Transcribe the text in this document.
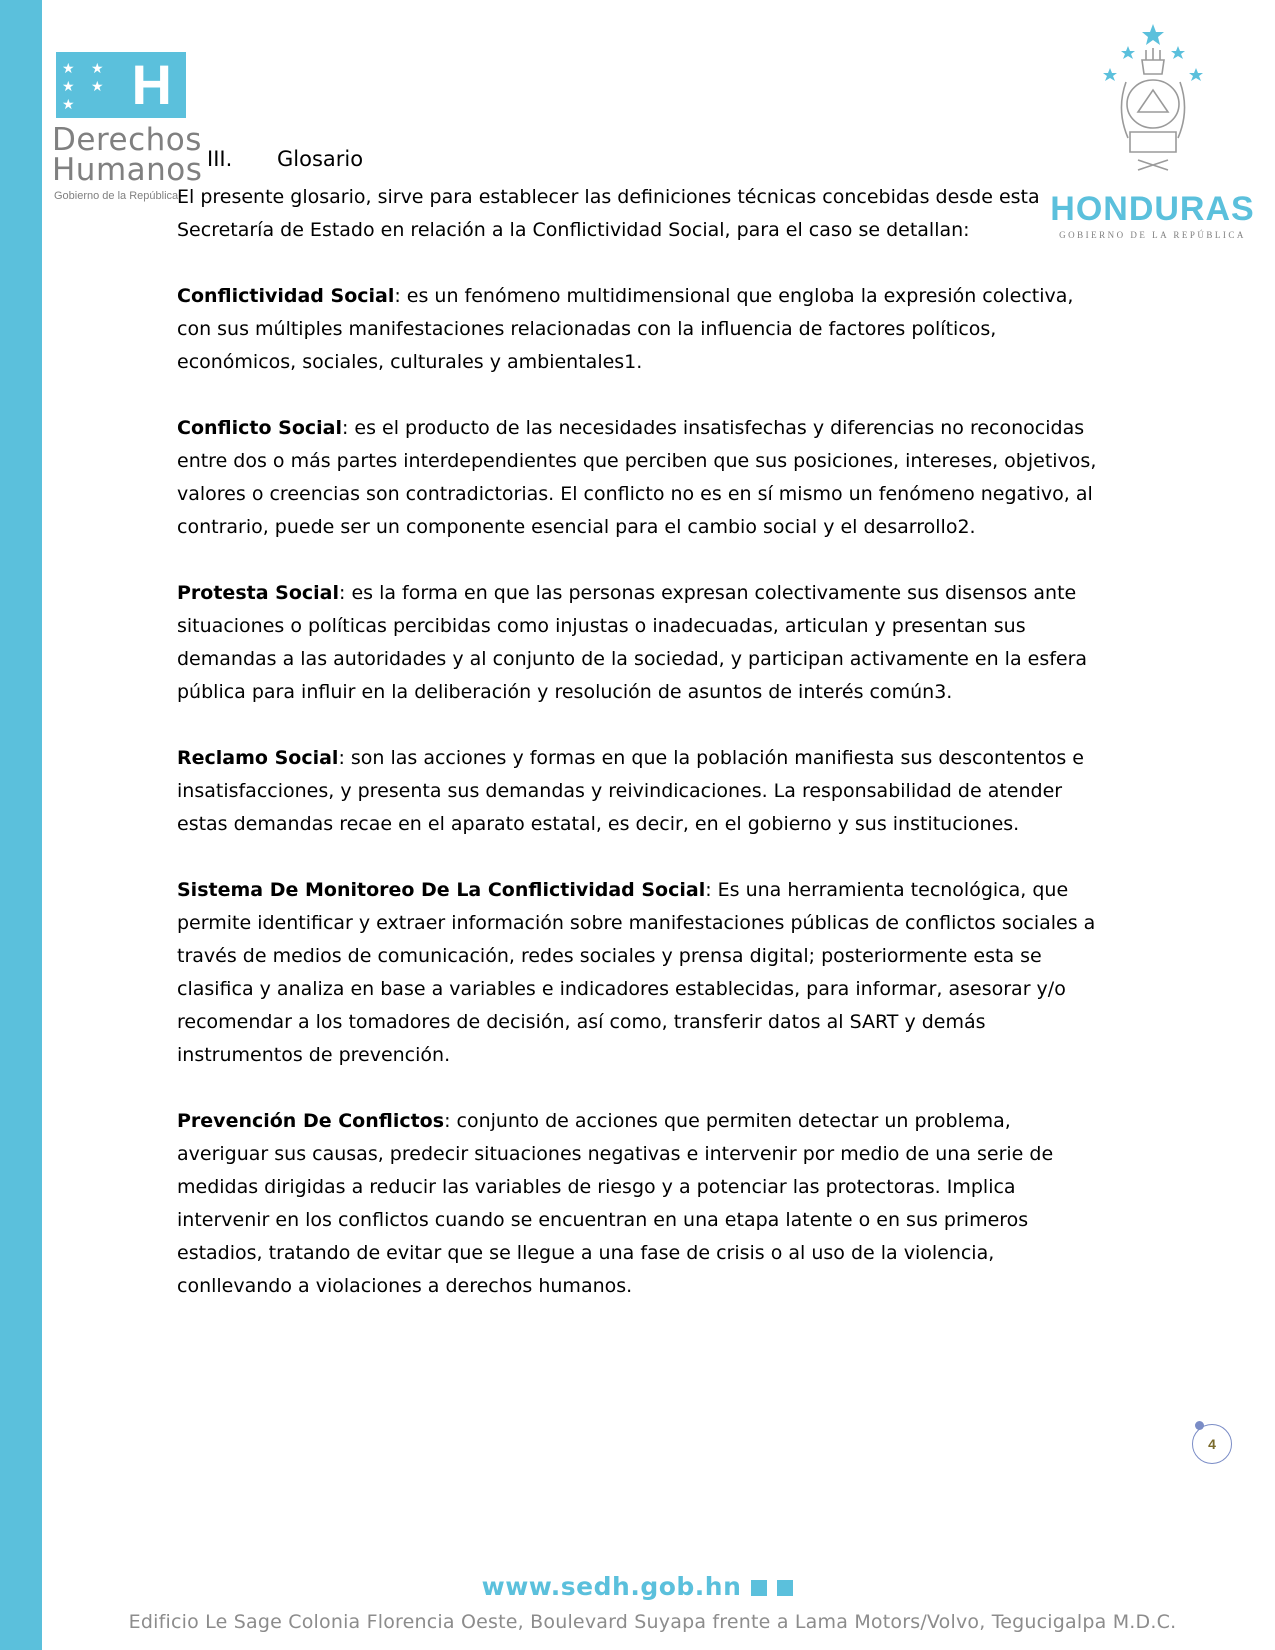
★ ★ ★ ★ ★ H
Derechos
Humanos
Gobierno de la República	HONDURAS
GOBIERNO DE LA REPÚBLICA
III. Glosario

El presente glosario, sirve para establecer las definiciones técnicas concebidas desde esta Secretaría de Estado en relación a la Conflictividad Social, para el caso se detallan:

Conflictividad Social: es un fenómeno multidimensional que engloba la expresión colectiva, con sus múltiples manifestaciones relacionadas con la influencia de factores políticos, económicos, sociales, culturales y ambientales1.

Conflicto Social: es el producto de las necesidades insatisfechas y diferencias no reconocidas entre dos o más partes interdependientes que perciben que sus posiciones, intereses, objetivos, valores o creencias son contradictorias. El conflicto no es en sí mismo un fenómeno negativo, al contrario, puede ser un componente esencial para el cambio social y el desarrollo2.

Protesta Social: es la forma en que las personas expresan colectivamente sus disensos ante situaciones o políticas percibidas como injustas o inadecuadas, articulan y presentan sus demandas a las autoridades y al conjunto de la sociedad, y participan activamente en la esfera pública para influir en la deliberación y resolución de asuntos de interés común3.

Reclamo Social: son las acciones y formas en que la población manifiesta sus descontentos e insatisfacciones, y presenta sus demandas y reivindicaciones. La responsabilidad de atender estas demandas recae en el aparato estatal, es decir, en el gobierno y sus instituciones.

Sistema De Monitoreo De La Conflictividad Social: Es una herramienta tecnológica, que permite identificar y extraer información sobre manifestaciones públicas de conflictos sociales a través de medios de comunicación, redes sociales y prensa digital; posteriormente esta se clasifica y analiza en base a variables e indicadores establecidas, para informar, asesorar y/o recomendar a los tomadores de decisión, así como, transferir datos al SART y demás instrumentos de prevención.

Prevención De Conflictos: conjunto de acciones que permiten detectar un problema, averiguar sus causas, predecir situaciones negativas e intervenir por medio de una serie de medidas dirigidas a reducir las variables de riesgo y a potenciar las protectoras. Implica intervenir en los conflictos cuando se encuentran en una etapa latente o en sus primeros estadios, tratando de evitar que se llegue a una fase de crisis o al uso de la violencia, conllevando a violaciones a derechos humanos.

4
www.sedh.gob.hn
Edificio Le Sage Colonia Florencia Oeste, Boulevard Suyapa frente a Lama Motors/Volvo, Tegucigalpa M.D.C.
